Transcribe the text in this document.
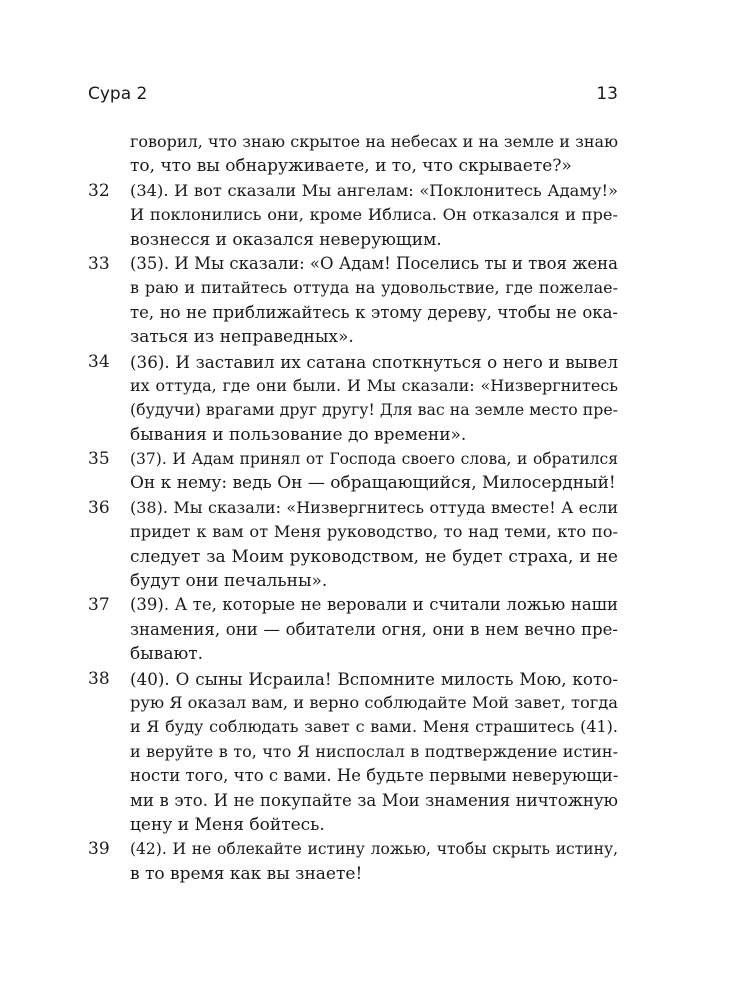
Сура 2	13
говорил, что знаю скрытое на небесах и на земле и знаю
то, что вы обнаруживаете, и то, что скрываете?»
32	(34). И вот сказали Мы ангелам: «Поклонитесь Адаму!»
И поклонились они, кроме Иблиса. Он отказался и пре-
вознесся и оказался неверующим.
33	(35). И Мы сказали: «О Адам! Поселись ты и твоя жена
в раю и питайтесь оттуда на удовольствие, где пожелае-
те, но не приближайтесь к этому дереву, чтобы не ока-
заться из неправедных».
34	(36). И заставил их сатана споткнуться о него и вывел
их оттуда, где они были. И Мы сказали: «Низвергнитесь
(будучи) врагами друг другу! Для вас на земле место пре-
бывания и пользование до времени».
35	(37). И Адам принял от Господа своего слова, и обратился
Он к нему: ведь Он — обращающийся, Милосердный!
36	(38). Мы сказали: «Низвергнитесь оттуда вместе! А если
придет к вам от Меня руководство, то над теми, кто по-
следует за Моим руководством, не будет страха, и не
будут они печальны».
37	(39). А те, которые не веровали и считали ложью наши
знамения, они — обитатели огня, они в нем вечно пре-
бывают.
38	(40). О сыны Исраила! Вспомните милость Мою, кото-
рую Я оказал вам, и верно соблюдайте Мой завет, тогда
и Я буду соблюдать завет с вами. Меня страшитесь (41).
и веруйте в то, что Я ниспослал в подтверждение истин-
ности того, что с вами. Не будьте первыми неверующи-
ми в это. И не покупайте за Мои знамения ничтожную
цену и Меня бойтесь.
39	(42). И не облекайте истину ложью, чтобы скрыть истину,
в то время как вы знаете!
